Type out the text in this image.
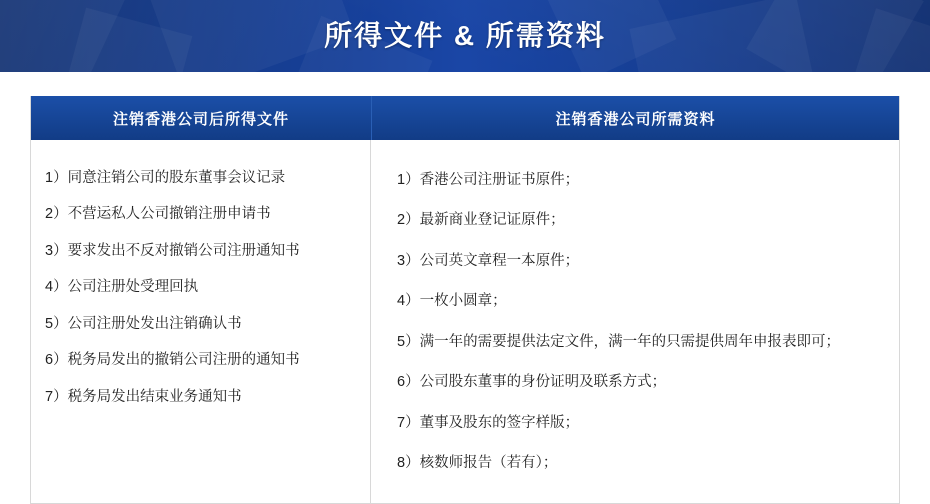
所得文件 & 所需资料
注销香港公司后所得文件	注销香港公司所需资料
1）同意注销公司的股东董事会议记录
2）不营运私人公司撤销注册申请书
3）要求发出不反对撤销公司注册通知书
4）公司注册处受理回执
5）公司注册处发出注销确认书
6）税务局发出的撤销公司注册的通知书
7）税务局发出结束业务通知书
1）香港公司注册证书原件；
2）最新商业登记证原件；
3）公司英文章程一本原件；
4）一枚小圆章；
5）满一年的需要提供法定文件，满一年的只需提供周年申报表即可；
6）公司股东董事的身份证明及联系方式；
7）董事及股东的签字样版；
8）核数师报告（若有）；
